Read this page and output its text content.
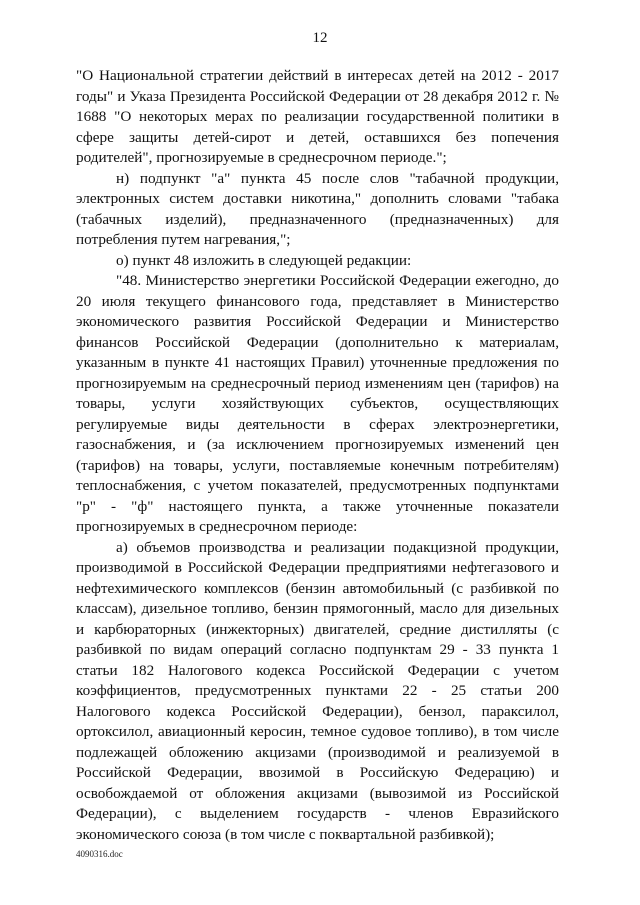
12

"О Национальной стратегии действий в интересах детей на 2012 - 2017 годы" и Указа Президента Российской Федерации от 28 декабря 2012 г. № 1688 "О некоторых мерах по реализации государственной политики в сфере защиты детей-сирот и детей, оставшихся без попечения родителей", прогнозируемые в среднесрочном периоде.";

н) подпункт "а" пункта 45 после слов "табачной продукции, электронных систем доставки никотина," дополнить словами "табака (табачных изделий), предназначенного (предназначенных) для потребления путем нагревания,";

о) пункт 48 изложить в следующей редакции:

"48. Министерство энергетики Российской Федерации ежегодно, до 20 июля текущего финансового года, представляет в Министерство экономического развития Российской Федерации и Министерство финансов Российской Федерации (дополнительно к материалам, указанным в пункте 41 настоящих Правил) уточненные предложения по прогнозируемым на среднесрочный период изменениям цен (тарифов) на товары, услуги хозяйствующих субъектов, осуществляющих регулируемые виды деятельности в сферах электроэнергетики, газоснабжения, и (за исключением прогнозируемых изменений цен (тарифов) на товары, услуги, поставляемые конечным потребителям) теплоснабжения, с учетом показателей, предусмотренных подпунктами "р" - "ф" настоящего пункта, а также уточненные показатели прогнозируемых в среднесрочном периоде:

а) объемов производства и реализации подакцизной продукции, производимой в Российской Федерации предприятиями нефтегазового и нефтехимического комплексов (бензин автомобильный (с разбивкой по классам), дизельное топливо, бензин прямогонный, масло для дизельных и карбюраторных (инжекторных) двигателей, средние дистилляты (с разбивкой по видам операций согласно подпунктам 29 - 33 пункта 1 статьи 182 Налогового кодекса Российской Федерации с учетом коэффициентов, предусмотренных пунктами 22 - 25 статьи 200 Налогового кодекса Российской Федерации), бензол, параксилол, ортоксилол, авиационный керосин, темное судовое топливо), в том числе подлежащей обложению акцизами (производимой и реализуемой в Российской Федерации, ввозимой в Российскую Федерацию) и освобождаемой от обложения акцизами (вывозимой из Российской Федерации), с выделением государств - членов Евразийского экономического союза (в том числе с поквартальной разбивкой);

4090316.doc
